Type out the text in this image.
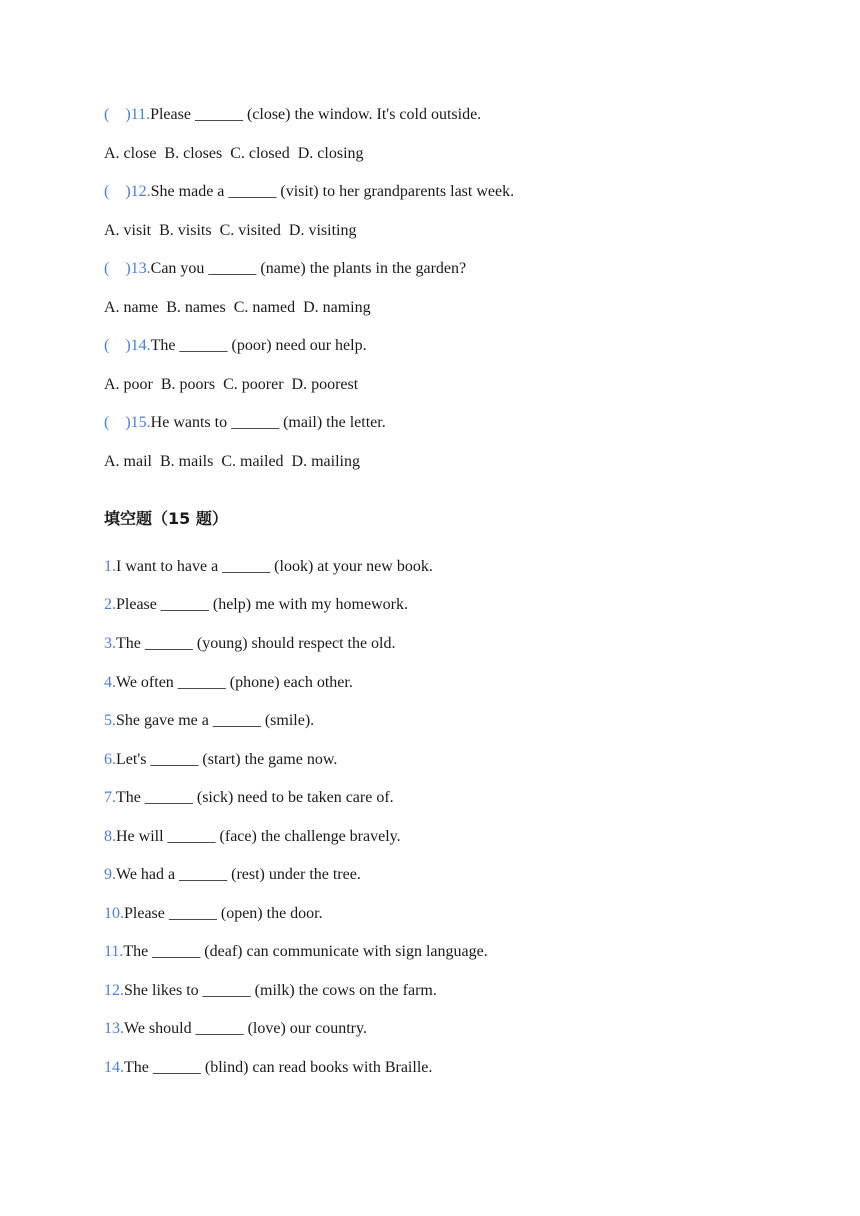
(    )11.Please ______ (close) the window. It's cold outside.
A. close  B. closes  C. closed  D. closing
(    )12.She made a ______ (visit) to her grandparents last week.
A. visit  B. visits  C. visited  D. visiting
(    )13.Can you ______ (name) the plants in the garden?
A. name  B. names  C. named  D. naming
(    )14.The ______ (poor) need our help.
A. poor  B. poors  C. poorer  D. poorest
(    )15.He wants to ______ (mail) the letter.
A. mail  B. mails  C. mailed  D. mailing
填空题（15 题）
1.I want to have a ______ (look) at your new book.
2.Please ______ (help) me with my homework.
3.The ______ (young) should respect the old.
4.We often ______ (phone) each other.
5.She gave me a ______ (smile).
6.Let's ______ (start) the game now.
7.The ______ (sick) need to be taken care of.
8.He will ______ (face) the challenge bravely.
9.We had a ______ (rest) under the tree.
10.Please ______ (open) the door.
11.The ______ (deaf) can communicate with sign language.
12.She likes to ______ (milk) the cows on the farm.
13.We should ______ (love) our country.
14.The ______ (blind) can read books with Braille.
